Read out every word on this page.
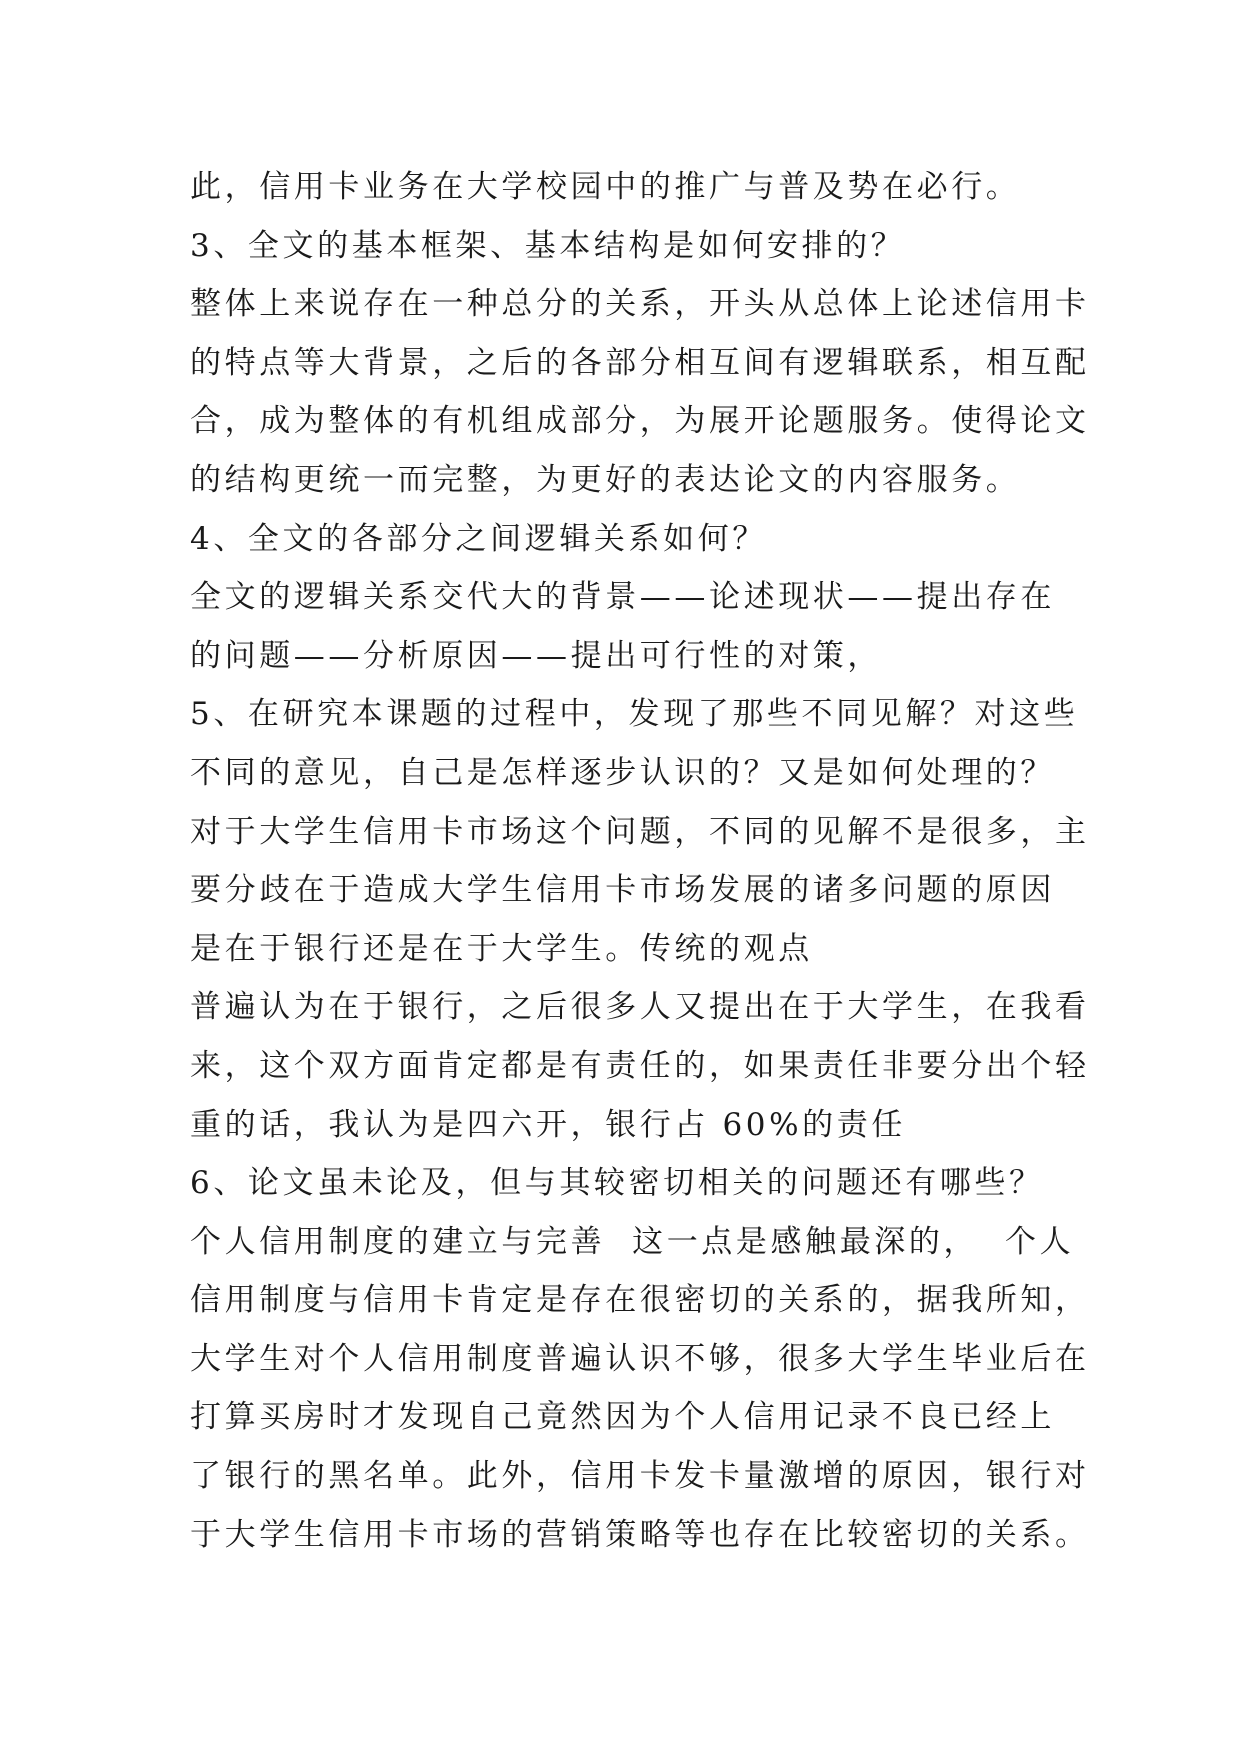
此，信用卡业务在大学校园中的推广与普及势在必行。
3、全文的基本框架、基本结构是如何安排的？
整体上来说存在一种总分的关系，开头从总体上论述信用卡
的特点等大背景，之后的各部分相互间有逻辑联系，相互配
合，成为整体的有机组成部分，为展开论题服务。使得论文
的结构更统一而完整，为更好的表达论文的内容服务。
4、全文的各部分之间逻辑关系如何？
全文的逻辑关系交代大的背景——论述现状——提出存在
的问题——分析原因——提出可行性的对策，
5、在研究本课题的过程中，发现了那些不同见解？对这些
不同的意见，自己是怎样逐步认识的？又是如何处理的？
对于大学生信用卡市场这个问题，不同的见解不是很多，主
要分歧在于造成大学生信用卡市场发展的诸多问题的原因
是在于银行还是在于大学生。传统的观点
普遍认为在于银行，之后很多人又提出在于大学生，在我看
来，这个双方面肯定都是有责任的，如果责任非要分出个轻
重的话，我认为是四六开，银行占 60%的责任
6、论文虽未论及，但与其较密切相关的问题还有哪些？
个人信用制度的建立与完善  这一点是感触最深的，  个人
信用制度与信用卡肯定是存在很密切的关系的，据我所知，
大学生对个人信用制度普遍认识不够，很多大学生毕业后在
打算买房时才发现自己竟然因为个人信用记录不良已经上
了银行的黑名单。此外，信用卡发卡量激增的原因，银行对
于大学生信用卡市场的营销策略等也存在比较密切的关系。
